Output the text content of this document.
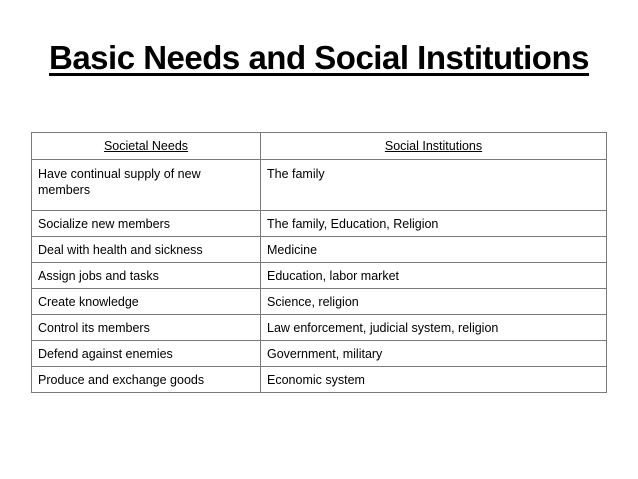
Basic Needs and Social Institutions
Societal Needs	Social Institutions
Have continual supply of new members	The family
Socialize new members	The family, Education, Religion
Deal with health and sickness	Medicine
Assign jobs and tasks	Education, labor market
Create knowledge	Science, religion
Control its members	Law enforcement, judicial system, religion
Defend against enemies	Government, military
Produce and exchange goods	Economic system
